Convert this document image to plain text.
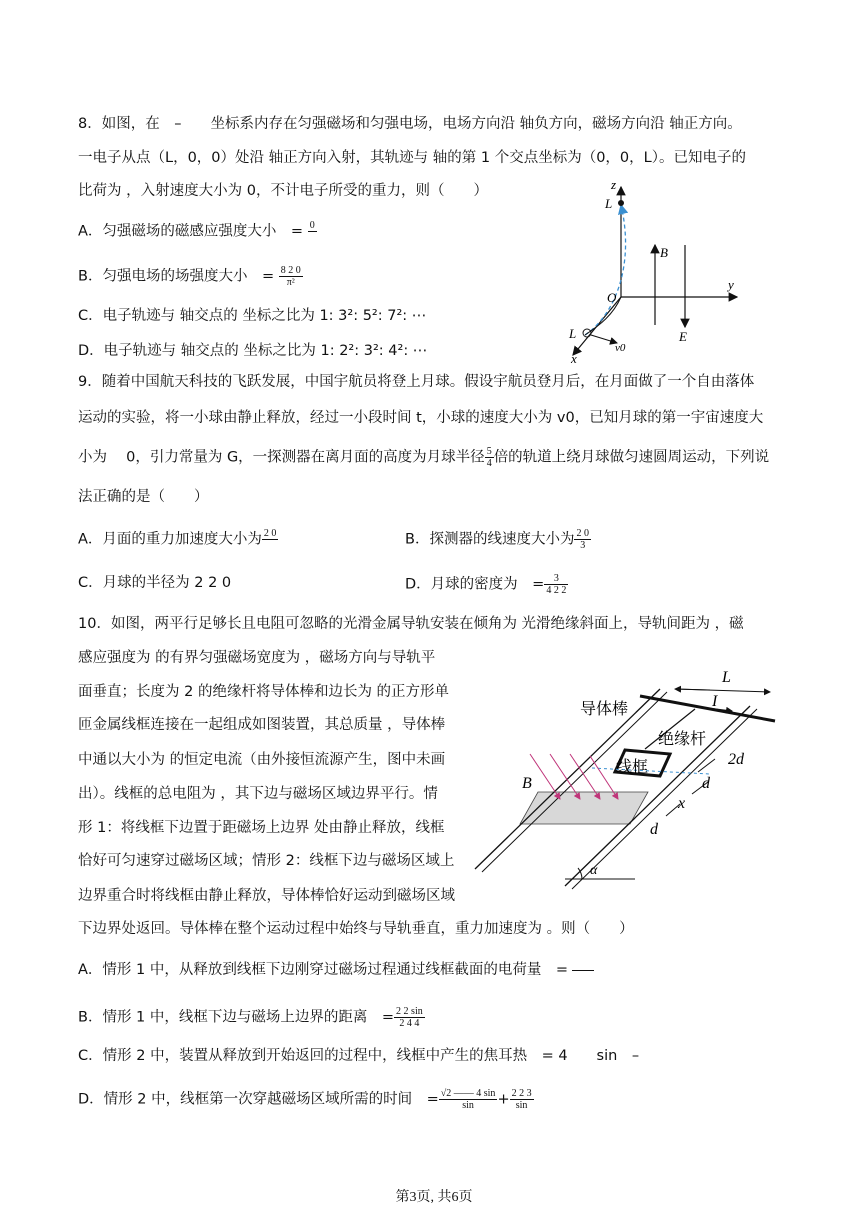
8．如图，在　–　　坐标系内存在匀强磁场和匀强电场，电场方向沿 轴负方向，磁场方向沿 轴正方向。
一电子从点（L，0，0）处沿 轴正方向入射，其轨迹与 轴的第 1 个交点坐标为（0，0，L）。已知电子的
比荷为 ，入射速度大小为 0，不计电子所受的重力，则（　　）
A．匀强磁场的磁感应强度大小　= 0

B．匀强电场的场强度大小　= $\frac{8 2 0}{\text{π²}}$
C．电子轨迹与 轴交点的 坐标之比为 1: 3²: 5²: 7²: ⋯
D．电子轨迹与 轴交点的 坐标之比为 1: 2²: 3²: 4²: ⋯
z
y
x
L
L
O
B
E
v0
9．随着中国航天科技的飞跃发展，中国宇航员将登上月球。假设宇航员登月后，在月面做了一个自由落体
运动的实验，将一小球由静止释放，经过一小段时间 t，小球的速度大小为 v0，已知月球的第一宇宙速度大
小为　 0，引力常量为 G，一探测器在离月面的高度为月球半径 $\frac{5}{4}$ 倍的轨道上绕月球做匀速圆周运动，下列说
法正确的是（　　）
A．月面的重力加速度大小为 2 0
	B．探测器的线速度大小为 $\frac{2 0}{3}$
C．月球的半径为 2 2 0	D．月球的密度为　= $\frac{3}{4 2 2}$
10．如图，两平行足够长且电阻可忽略的光滑金属导轨安装在倾角为 光滑绝缘斜面上，导轨间距为 ，磁
感应强度为 的有界匀强磁场宽度为 ，磁场方向与导轨平
面垂直；长度为 2 的绝缘杆将导体棒和边长为 的正方形单
匝金属线框连接在一起组成如图装置，其总质量 ，导体棒
中通以大小为 的恒定电流（由外接恒流源产生，图中未画
出）。线框的总电阻为 ，其下边与磁场区域边界平行。情
形 1：将线框下边置于距磁场上边界 处由静止释放，线框
恰好可匀速穿过磁场区域；情形 2：线框下边与磁场区域上
边界重合时将线框由静止释放，导体棒恰好运动到磁场区域
下边界处返回。导体棒在整个运动过程中始终与导轨垂直，重力加速度为 。则（　　）
A．情形 1 中，从释放到线框下边刚穿过磁场过程通过线框截面的电荷量　=
B．情形 1 中，线框下边与磁场上边界的距离　= $\frac{2 2 \sin}{2 4 4}$
C．情形 2 中，装置从释放到开始返回的过程中，线框中产生的焦耳热　= 4　　sin　–
D．情形 2 中，线框第一次穿越磁场区域所需的时间　= $\frac{√2 —— 4 \sin}{\sin} + \frac{2 2 3}{\sin}$
L
I
导体棒
绝缘杆
线框
B
2d
d
x
d
α
第3页, 共6页
